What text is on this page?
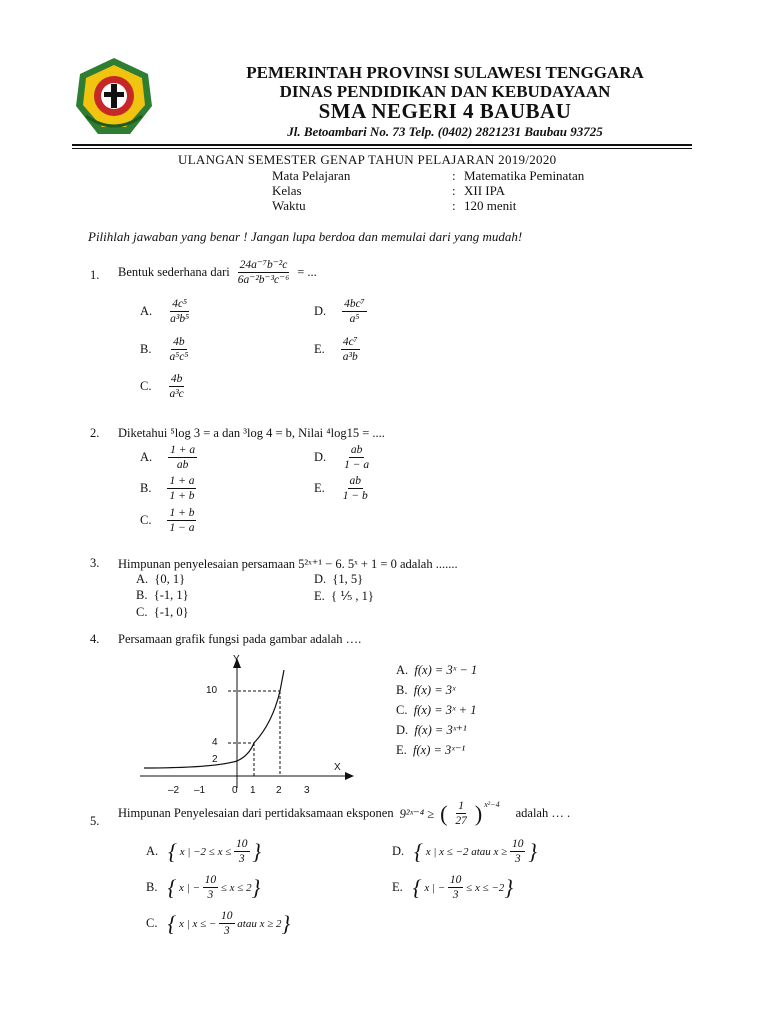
PEMERINTAH PROVINSI SULAWESI TENGGARA
DINAS PENDIDIKAN DAN KEBUDAYAAN
SMA NEGERI 4 BAUBAU
Jl. Betoambari No. 73 Telp. (0402) 2821231 Baubau 93725
ULANGAN SEMESTER GENAP TAHUN PELAJARAN 2019/2020
Mata Pelajaran	: Matematika Peminatan
Kelas	: XII IPA
Waktu	: 120 menit
Pilihlah jawaban yang benar ! Jangan lupa berdoa dan memulai dari yang mudah!
1. Bentuk sederhana dari $\frac{\text{24a⁻⁷b⁻²c}}{\text{6a⁻²b⁻³c⁻⁶}}$ = ...
A. $\frac{\text{4c⁵}}{\text{a³b⁵}}$
B. $\frac{4b}{\text{a⁵c⁵}}$
C. $\frac{4b}{\text{a³c}}$
D. $\frac{\text{4bc⁷}}{\text{a⁵}}$
E. $\frac{\text{4c⁷}}{\text{a³b}}$
2. Diketahui ⁵log 3 = a dan ³log 4 = b, Nilai ⁴log15 = ....
A. $\frac{1 + a}{ab}$
B. $\frac{1 + a}{1 + b}$
C. $\frac{1 + b}{1 - a}$
D. $\frac{ab}{1 - a}$
E. $\frac{ab}{1 - b}$
3. Himpunan penyelesaian persamaan 5²ˣ⁺¹ − 6. 5ˣ + 1 = 0 adalah .......
A. {0, 1}
B. {-1, 1}
C. {-1, 0}
D. {1, 5}
E. { ⅕ , 1}
4. Persamaan grafik fungsi pada gambar adalah ….
Y
X
10
4
2
–2 –1	0 1 2 3
A. f(x) = 3ˣ − 1
B. f(x) = 3ˣ
C. f(x) = 3ˣ + 1
D. f(x) = 3ˣ⁺¹
E. f(x) = 3ˣ⁻¹
5.
Himpunan Penyelesaian dari pertidaksamaan eksponen 9²ˣ⁻⁴ ≥ ( $\frac{1}{27}$ ) x²−4
adalah … .
A. {
x | −2 ≤ x ≤
$\frac{10}{3}$
}
B. {
x | −
$\frac{10}{3}$
≤ x ≤ 2 }
C. {
x | x ≤ −
$\frac{10}{3}$
atau x ≥ 2 }
D. {
x | x ≤ −2 atau x ≥
$\frac{10}{3}$
}
E. {
x | −
$\frac{10}{3}$
≤ x ≤ −2 }
